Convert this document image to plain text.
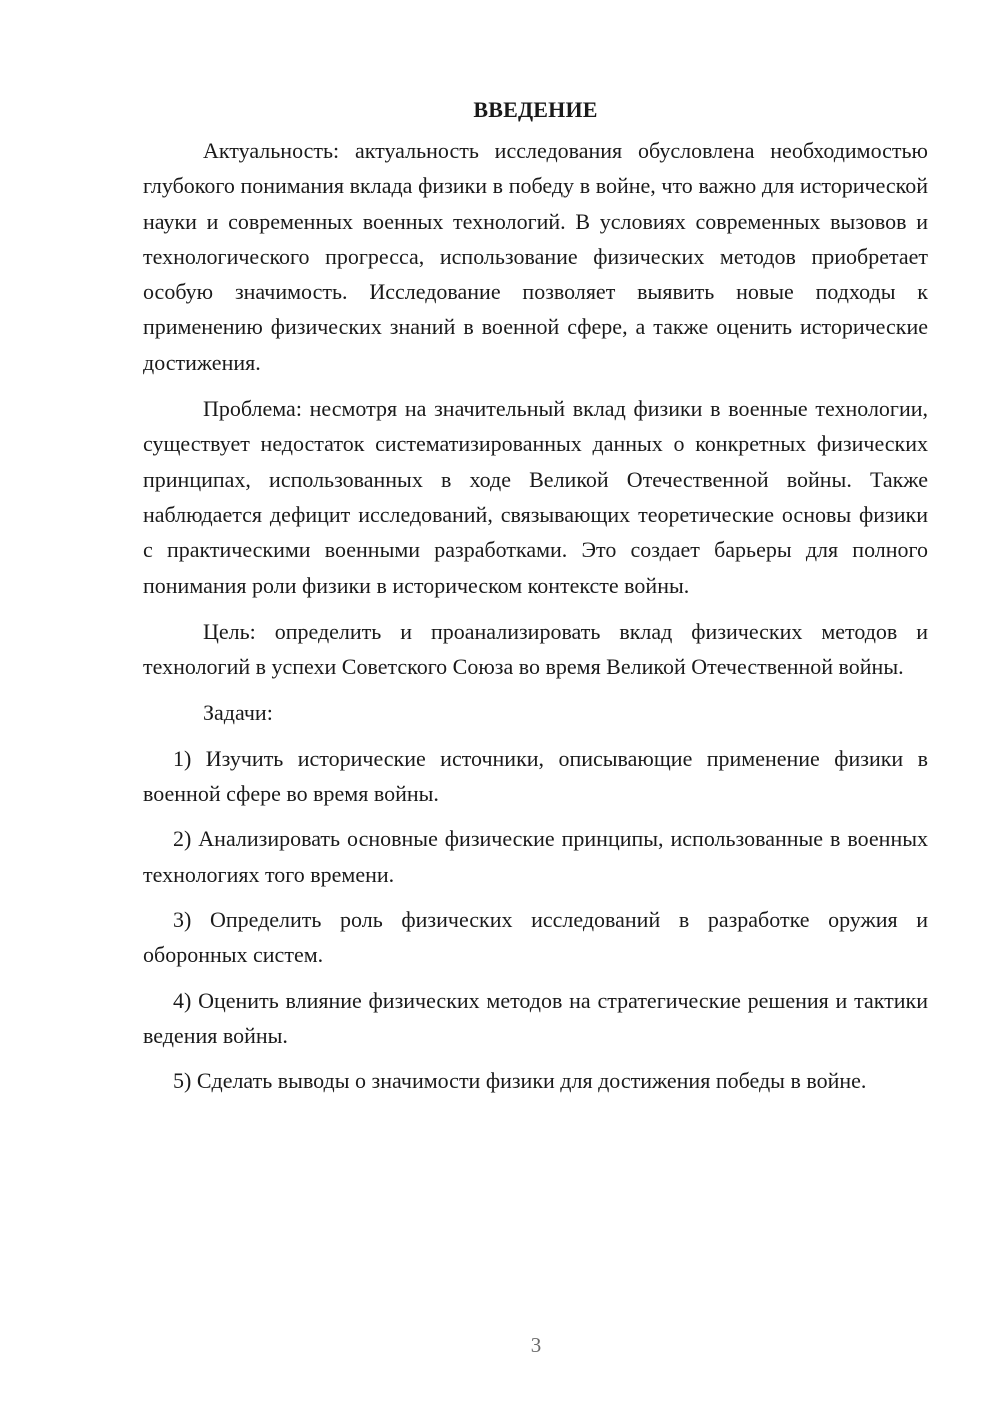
ВВЕДЕНИЕ

Актуальность: актуальность исследования обусловлена необходимостью глубокого понимания вклада физики в победу в войне, что важно для исторической науки и современных военных технологий. В условиях современных вызовов и технологического прогресса, использование физических методов приобретает особую значимость. Исследование позволяет выявить новые подходы к применению физических знаний в военной сфере, а также оценить исторические достижения.

Проблема: несмотря на значительный вклад физики в военные технологии, существует недостаток систематизированных данных о конкретных физических принципах, использованных в ходе Великой Отечественной войны. Также наблюдается дефицит исследований, связывающих теоретические основы физики с практическими военными разработками. Это создает барьеры для полного понимания роли физики в историческом контексте войны.

Цель: определить и проанализировать вклад физических методов и технологий в успехи Советского Союза во время Великой Отечественной войны.

Задачи:

1) Изучить исторические источники, описывающие применение физики в военной сфере во время войны.

2) Анализировать основные физические принципы, использованные в военных технологиях того времени.

3) Определить роль физических исследований в разработке оружия и оборонных систем.

4) Оценить влияние физических методов на стратегические решения и тактики ведения войны.

5) Сделать выводы о значимости физики для достижения победы в войне.

3
